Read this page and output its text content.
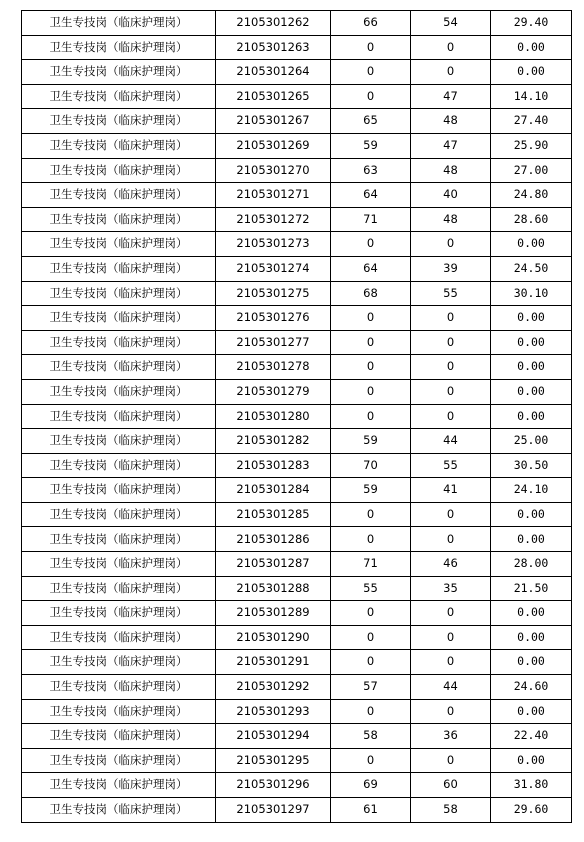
卫生专技岗（临床护理岗）	2105301262	66	54	29.40
卫生专技岗（临床护理岗）	2105301263	0	0	0.00
卫生专技岗（临床护理岗）	2105301264	0	0	0.00
卫生专技岗（临床护理岗）	2105301265	0	47	14.10
卫生专技岗（临床护理岗）	2105301267	65	48	27.40
卫生专技岗（临床护理岗）	2105301269	59	47	25.90
卫生专技岗（临床护理岗）	2105301270	63	48	27.00
卫生专技岗（临床护理岗）	2105301271	64	40	24.80
卫生专技岗（临床护理岗）	2105301272	71	48	28.60
卫生专技岗（临床护理岗）	2105301273	0	0	0.00
卫生专技岗（临床护理岗）	2105301274	64	39	24.50
卫生专技岗（临床护理岗）	2105301275	68	55	30.10
卫生专技岗（临床护理岗）	2105301276	0	0	0.00
卫生专技岗（临床护理岗）	2105301277	0	0	0.00
卫生专技岗（临床护理岗）	2105301278	0	0	0.00
卫生专技岗（临床护理岗）	2105301279	0	0	0.00
卫生专技岗（临床护理岗）	2105301280	0	0	0.00
卫生专技岗（临床护理岗）	2105301282	59	44	25.00
卫生专技岗（临床护理岗）	2105301283	70	55	30.50
卫生专技岗（临床护理岗）	2105301284	59	41	24.10
卫生专技岗（临床护理岗）	2105301285	0	0	0.00
卫生专技岗（临床护理岗）	2105301286	0	0	0.00
卫生专技岗（临床护理岗）	2105301287	71	46	28.00
卫生专技岗（临床护理岗）	2105301288	55	35	21.50
卫生专技岗（临床护理岗）	2105301289	0	0	0.00
卫生专技岗（临床护理岗）	2105301290	0	0	0.00
卫生专技岗（临床护理岗）	2105301291	0	0	0.00
卫生专技岗（临床护理岗）	2105301292	57	44	24.60
卫生专技岗（临床护理岗）	2105301293	0	0	0.00
卫生专技岗（临床护理岗）	2105301294	58	36	22.40
卫生专技岗（临床护理岗）	2105301295	0	0	0.00
卫生专技岗（临床护理岗）	2105301296	69	60	31.80
卫生专技岗（临床护理岗）	2105301297	61	58	29.60
